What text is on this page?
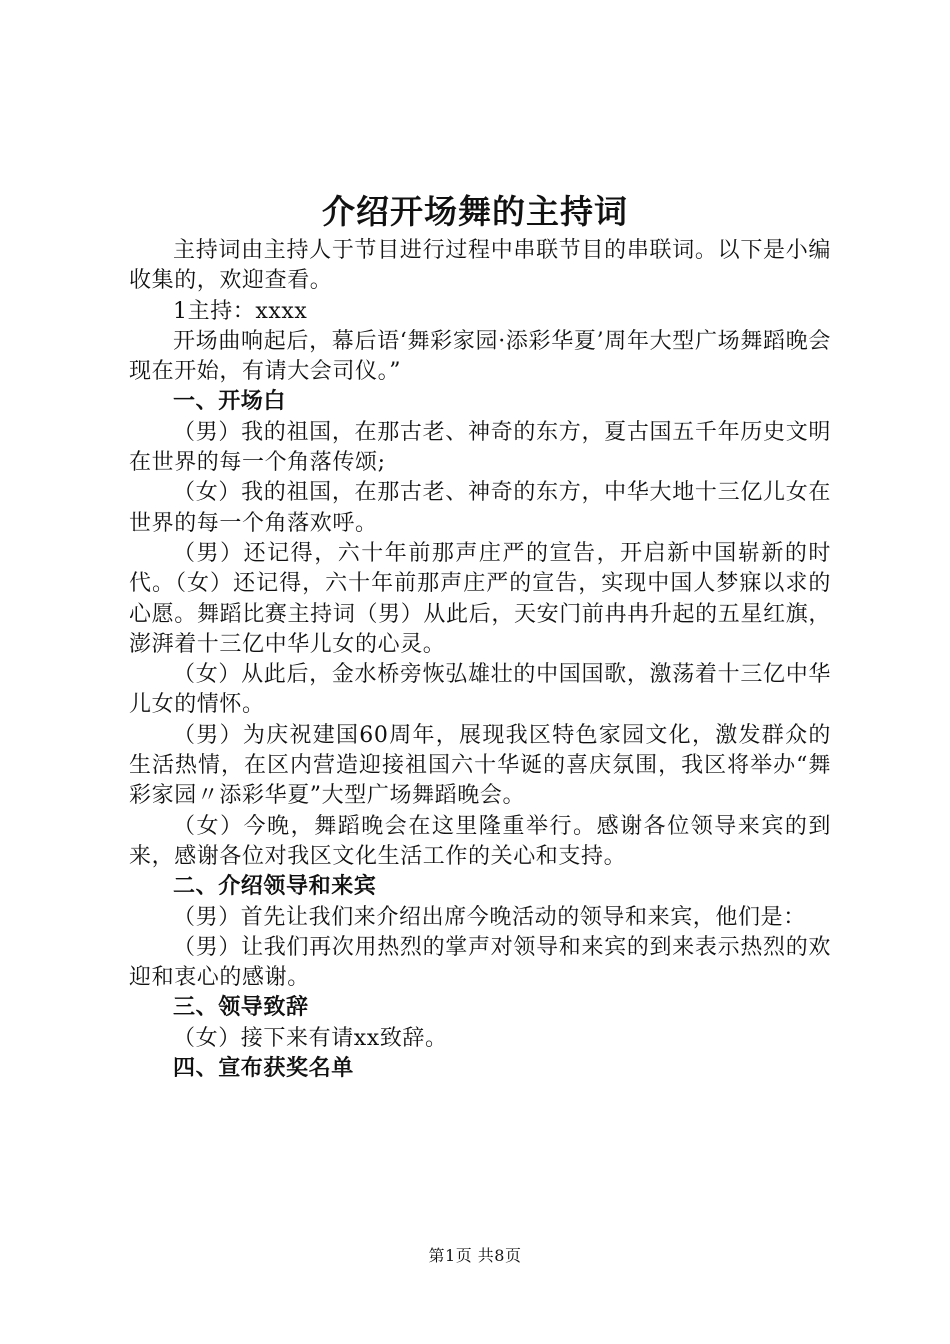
介绍开场舞的主持词

主持词由主持人于节目进行过程中串联节目的串联词。以下是小编收集的，欢迎查看。

1主持：xxxx

开场曲响起后，幕后语‘舞彩家园·添彩华夏’周年大型广场舞蹈晚会现在开始，有请大会司仪。”

一、开场白

（男）我的祖国，在那古老、神奇的东方，夏古国五千年历史文明在世界的每一个角落传颂;

（女）我的祖国，在那古老、神奇的东方，中华大地十三亿儿女在世界的每一个角落欢呼。

（男）还记得，六十年前那声庄严的宣告，开启新中国崭新的时代。（女）还记得，六十年前那声庄严的宣告，实现中国人梦寐以求的心愿。舞蹈比赛主持词（男）从此后，天安门前冉冉升起的五星红旗，澎湃着十三亿中华儿女的心灵。

（女）从此后，金水桥旁恢弘雄壮的中国国歌，激荡着十三亿中华儿女的情怀。

（男）为庆祝建国60周年，展现我区特色家园文化，激发群众的生活热情，在区内营造迎接祖国六十华诞的喜庆氛围，我区将举办“舞彩家园〃添彩华夏”大型广场舞蹈晚会。

（女）今晚，舞蹈晚会在这里隆重举行。感谢各位领导来宾的到来，感谢各位对我区文化生活工作的关心和支持。

二、介绍领导和来宾

（男）首先让我们来介绍出席今晚活动的领导和来宾，他们是：

（男）让我们再次用热烈的掌声对领导和来宾的到来表示热烈的欢迎和衷心的感谢。

三、领导致辞

（女）接下来有请xx致辞。

四、宣布获奖名单

第1页 共8页
